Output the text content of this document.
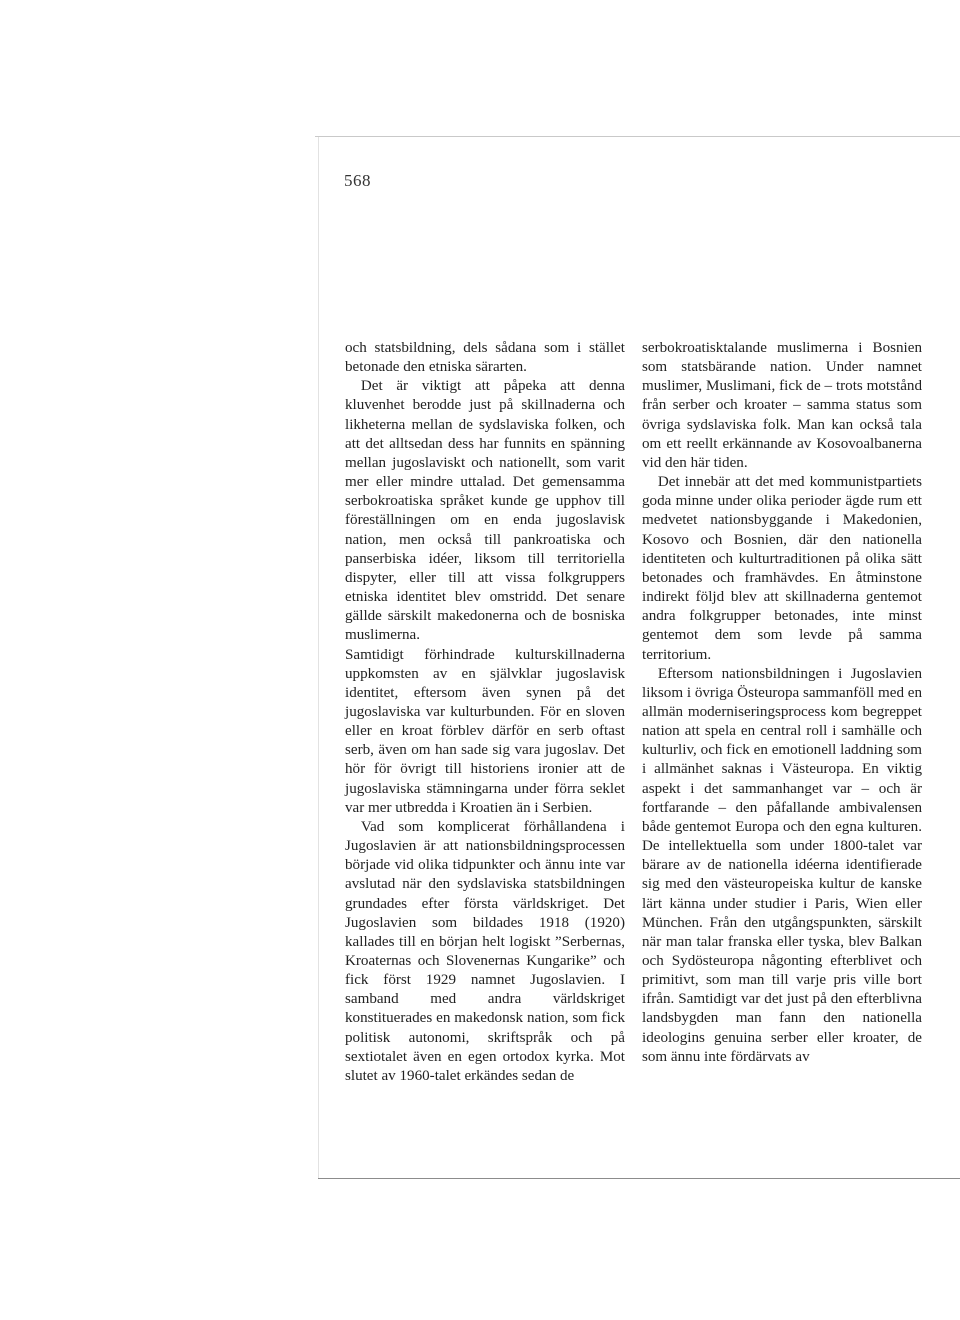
568

och statsbildning, dels sådana som i stället betonade den etniska särarten.

Det är viktigt att påpeka att denna kluvenhet berodde just på skillnaderna och likheterna mellan de sydslaviska folken, och att det alltsedan dess har funnits en spänning mellan jugoslaviskt och nationellt, som varit mer eller mindre uttalad. Det gemensamma serbokroatiska språket kunde ge upphov till föreställningen om en enda jugoslavisk nation, men också till pankroatiska och panserbiska idéer, liksom till territoriella dispyter, eller till att vissa folkgruppers etniska identitet blev omstridd. Det senare gällde särskilt makedonerna och de bosniska muslimerna.

Samtidigt förhindrade kulturskillnaderna uppkomsten av en självklar jugoslavisk identitet, eftersom även synen på det jugoslaviska var kulturbunden. För en sloven eller en kroat förblev därför en serb oftast serb, även om han sade sig vara jugoslav. Det hör för övrigt till historiens ironier att de jugoslaviska stämningarna under förra seklet var mer utbredda i Kroatien än i Serbien.

Vad som komplicerat förhållandena i Jugoslavien är att nationsbildningsprocessen började vid olika tidpunkter och ännu inte var avslutad när den sydslaviska statsbildningen grundades efter första världskriget. Det Jugoslavien som bildades 1918 (1920) kallades till en början helt logiskt ”Serbernas, Kroaternas och Slovenernas Kungarike” och fick först 1929 namnet Jugoslavien. I samband med andra världskriget konstituerades en makedonsk nation, som fick politisk autonomi, skriftspråk och på sextiotalet även en egen ortodox kyrka. Mot slutet av 1960-talet erkändes sedan de

serbokroatisktalande muslimerna i Bosnien som statsbärande nation. Under namnet muslimer, Muslimani, fick de – trots motstånd från serber och kroater – samma status som övriga sydslaviska folk. Man kan också tala om ett reellt erkännande av Kosovoalbanerna vid den här tiden.

Det innebär att det med kommunistpartiets goda minne under olika perioder ägde rum ett medvetet nationsbyggande i Makedonien, Kosovo och Bosnien, där den nationella identiteten och kulturtraditionen på olika sätt betonades och framhävdes. En åtminstone indirekt följd blev att skillnaderna gentemot andra folkgrupper betonades, inte minst gentemot dem som levde på samma territorium.

Eftersom nationsbildningen i Jugoslavien liksom i övriga Östeuropa sammanföll med en allmän moderniseringsprocess kom begreppet nation att spela en central roll i samhälle och kulturliv, och fick en emotionell laddning som i allmänhet saknas i Västeuropa. En viktig aspekt i det sammanhanget var – och är fortfarande – den påfallande ambivalensen både gentemot Europa och den egna kulturen. De intellektuella som under 1800-talet var bärare av de nationella idéerna identifierade sig med den västeuropeiska kultur de kanske lärt känna under studier i Paris, Wien eller München. Från den utgångspunkten, särskilt när man talar franska eller tyska, blev Balkan och Sydösteuropa någonting efterblivet och primitivt, som man till varje pris ville bort ifrån. Samtidigt var det just på den efterblivna landsbygden man fann den nationella ideologins genuina serber eller kroater, de som ännu inte fördärvats av
